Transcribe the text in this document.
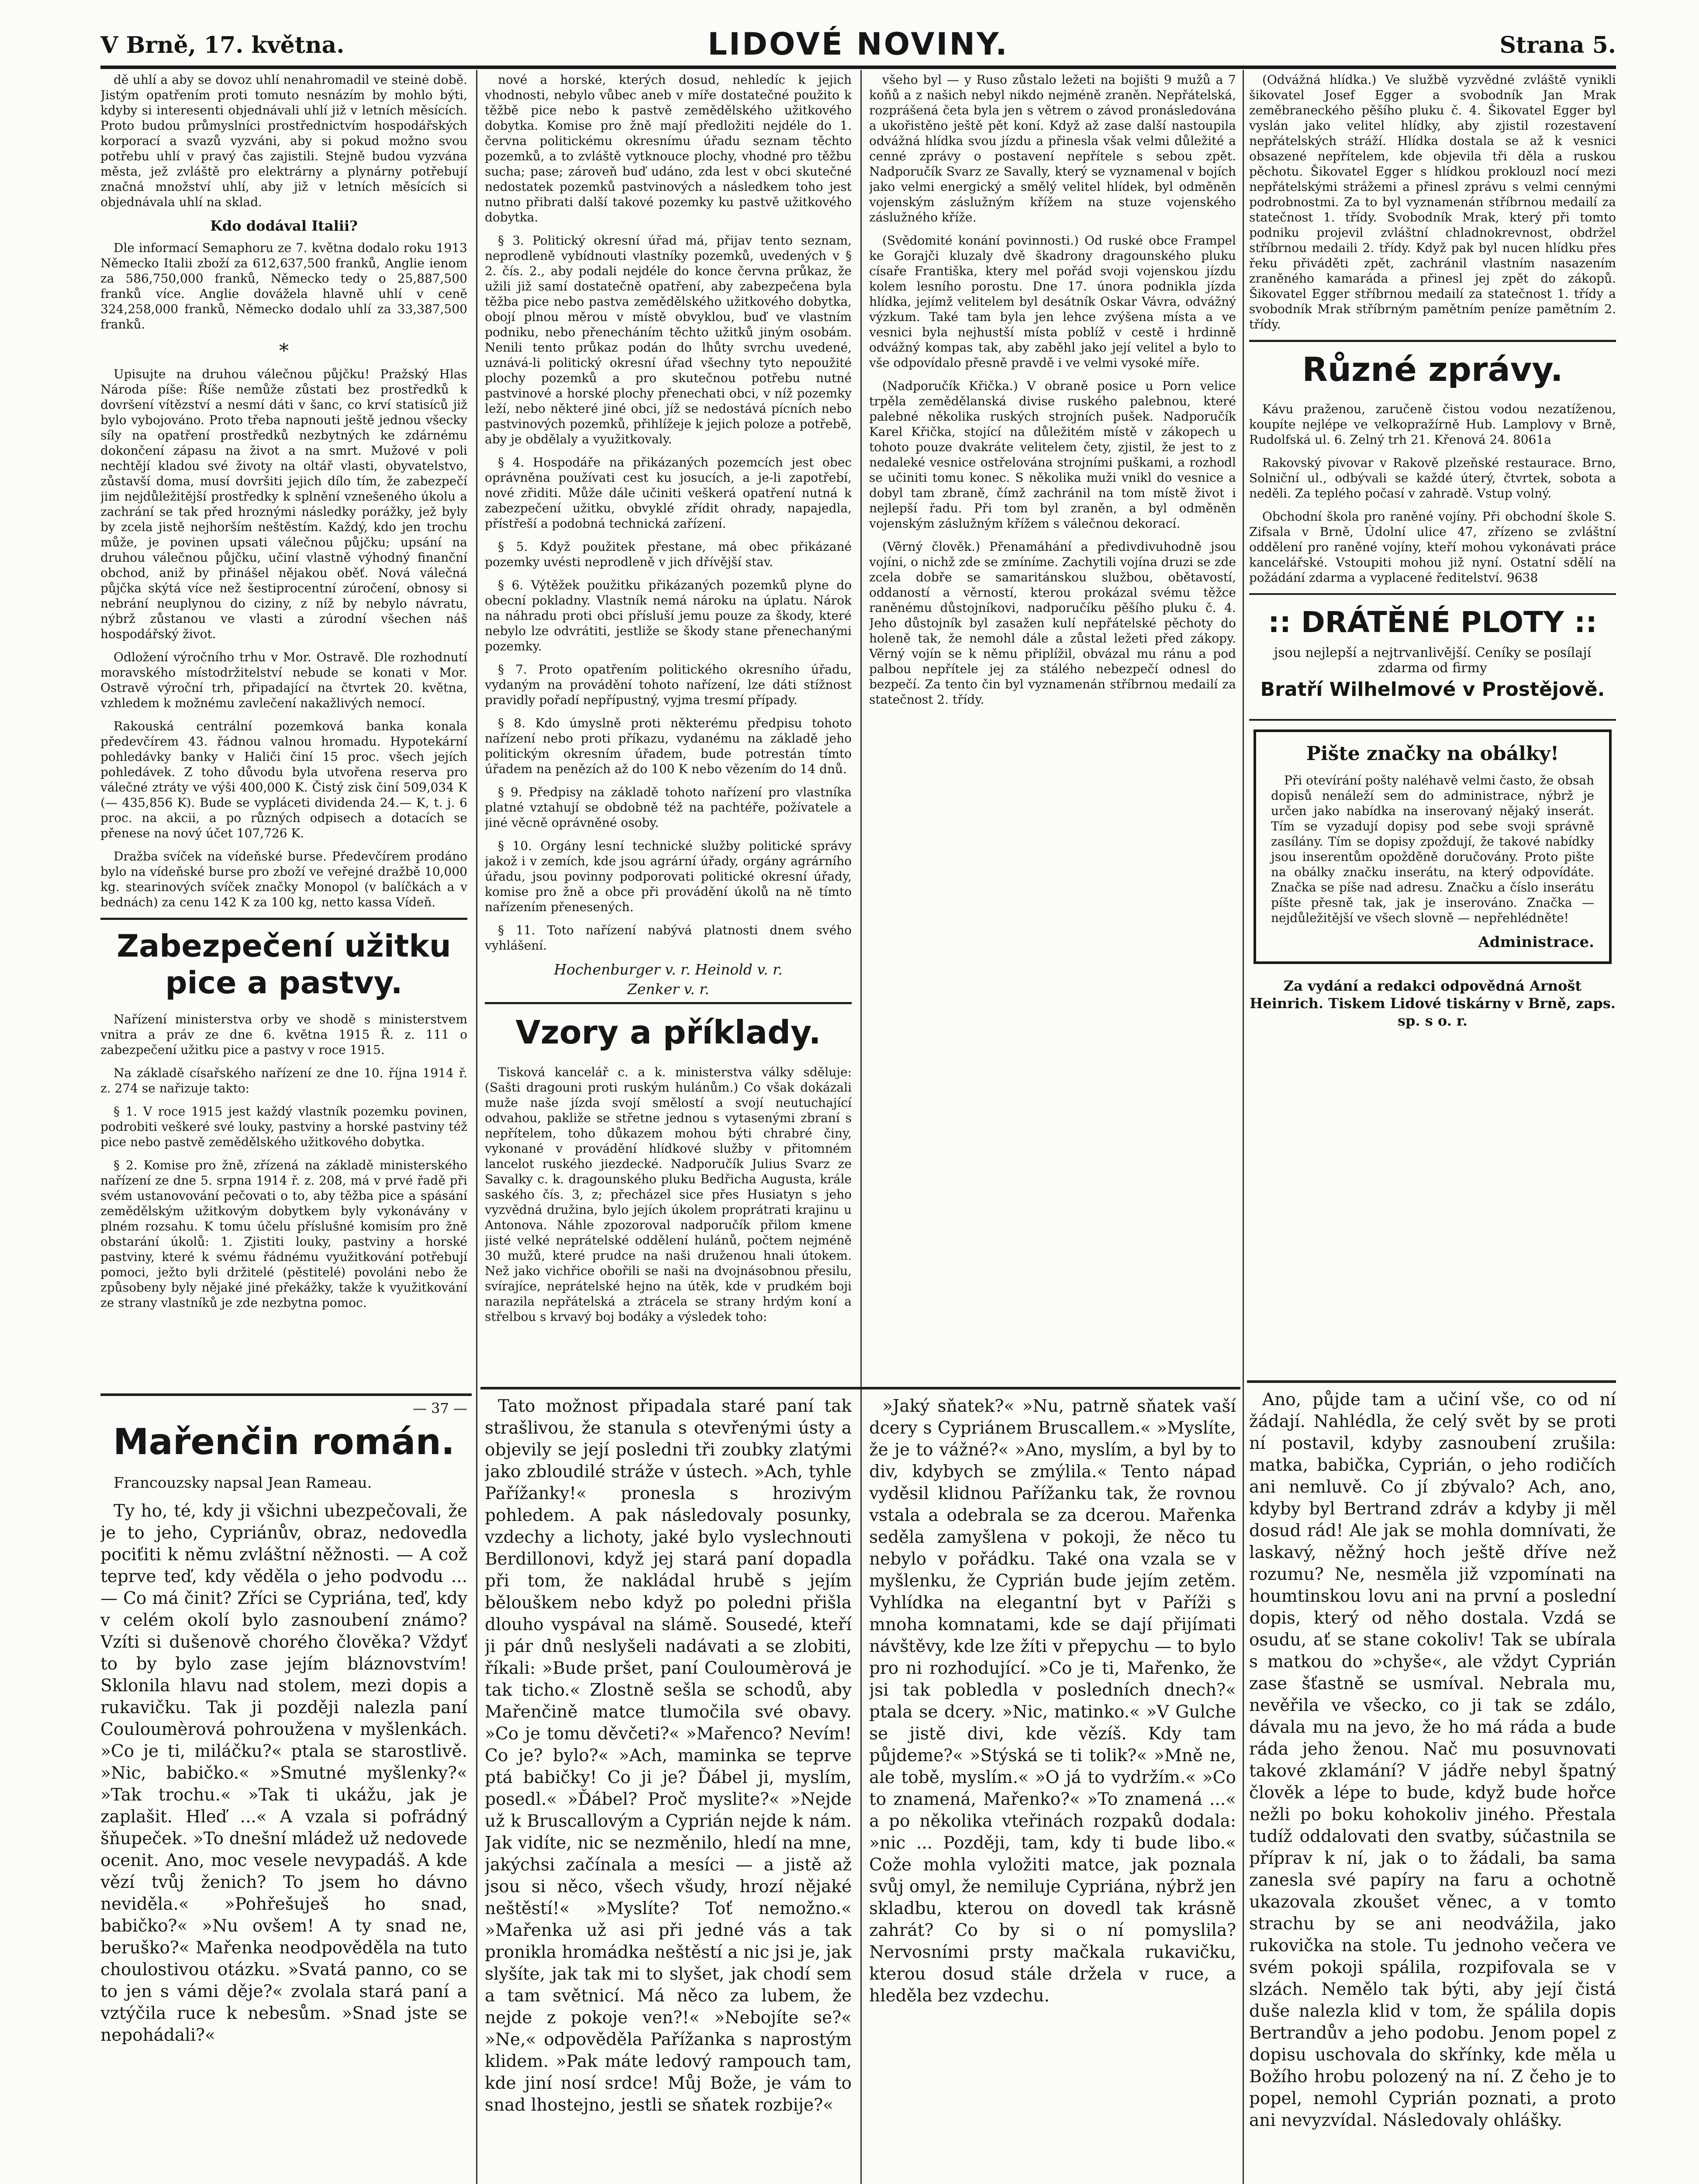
V Brně, 17. května.	LIDOVÉ NOVINY.	Strana 5.

dě uhlí a aby se dovoz uhlí nenahromadil ve steinė době. Jistým opatřením proti tomuto nesnázím by mohlo býti, kdyby si interesenti objednávali uhlí již v letních měsících. Proto budou průmyslníci prostřednictvím hospodářských korporací a svazů vyzváni, aby si pokud možno svou potřebu uhlí v pravý čas zajistili. Stejně budou vyzvána města, jež zvláště pro elektrárny a plynárny potřebují značná množství uhlí, aby již v letních měsících si objednávala uhlí na sklad.

Kdo dodával Italii?

Dle informací Semaphoru ze 7. května dodalo roku 1913 Německo Italii zboží za 612,637,500 franků, Anglie ienom za 586,750,000 franků, Německo tedy o 25,887,500 franků více. Anglie dovážela hlavně uhlí v ceně 324,258,000 franků, Německo dodalo uhlí za 33,387,500 franků.

*

Upisujte na druhou válečnou půjčku! Pražský Hlas Národa píše: Říše nemůže zůstati bez prostředků k dovršení vítězství a nesmí dáti v šanc, co krví statisíců již bylo vybojováno. Proto třeba napnouti ještě jednou všecky síly na opatření prostředků nezbytných ke zdárnému dokončení zápasu na život a na smrt. Mužové v poli nechtějí kladou své životy na oltář vlasti, obyvatelstvo, zůstavší doma, musí dovršiti jejich dílo tím, že zabezpečí jim nejdůležitější prostředky k splnění vznešeného úkolu a zachrání se tak před hroznými následky porážky, jež byly by zcela jistě nejhorším neštěstím. Každý, kdo jen trochu může, je povinen upsati válečnou půjčku; upsání na druhou válečnou půjčku, učiní vlastně výhodný finanční obchod, aniž by přinášel nějakou oběť. Nová válečná půjčka skýtá více než šestiprocentní zúročení, obnosy si nebrání neuplynou do ciziny, z níž by nebylo návratu, nýbrž zůstanou ve vlasti a zúrodní všechen náš hospodářský život.

Odložení výročního trhu v Mor. Ostravě. Dle rozhodnutí moravského místodržitelství nebude se konati v Mor. Ostravě výroční trh, připadající na čtvrtek 20. května, vzhledem k možnému zavlečení nakažlivých nemocí.

Rakouská centrální pozemková banka konala předevčírem 43. řádnou valnou hromadu. Hypotekární pohledávky banky v Haliči činí 15 proc. všech jejích pohledávek. Z toho důvodu byla utvořena reserva pro válečné ztráty ve výši 400,000 K. Čistý zisk činí 509,034 K (— 435,856 K). Bude se vypláceti dividenda 24.— K, t. j. 6 proc. na akcii, a po různých odpisech a dotacích se přenese na nový účet 107,726 K.

Dražba svíček na vídeňské burse. Předevčírem prodáno bylo na vídeňské burse pro zboží ve veřejné dražbě 10,000 kg. stearinových svíček značky Monopol (v balíčkách a v bednách) za cenu 142 K za 100 kg, netto kassa Vídeň.

Zabezpečení užitku pice a pastvy.

Nařízení ministerstva orby ve shodě s ministerstvem vnitra a práv ze dne 6. května 1915 Ř. z. 111 o zabezpečení užitku pice a pastvy v roce 1915.

Na základě císařského nařízení ze dne 10. října 1914 ř. z. 274 se nařizuje takto:

§ 1. V roce 1915 jest každý vlastník pozemku povinen, podrobiti veškeré své louky, pastviny a horské pastviny též pice nebo pastvě zemědělského užitkového dobytka.

§ 2. Komise pro žně, zřízená na základě ministerského nařízení ze dne 5. srpna 1914 ř. z. 208, má v prvé řadě při svém ustanovování pečovati o to, aby těžba pice a spásání zemědělským užitkovým dobytkem byly vykonávány v plném rozsahu. K tomu účelu příslušné komisím pro žně obstarání úkolů: 1. Zjistiti louky, pastviny a horské pastviny, které k svému řádnému využitkování potřebují pomoci, ježto byli držitelé (pěstitelé) povoláni nebo že způsobeny byly nějaké jiné překážky, takže k využitkování ze strany vlastníků je zde nezbytna pomoc.

— 37 —
Mařenčin román.
Francouzsky napsal Jean Rameau.

Ty ho, té, kdy ji všichni ubezpečovali, že je to jeho, Cypriánův, obraz, nedovedla pociťiti k němu zvláštní něžnosti. — A což teprve teď, kdy věděla o jeho podvodu ... — Co má činit? Zříci se Cypriána, teď, kdy v celém okolí bylo zasnoubení známo? Vzíti si dušenově chorého člověka? Vždyť to by bylo zase jejím bláznovstvím! Sklonila hlavu nad stolem, mezi dopis a rukavičku. Tak ji později nalezla paní Couloumèrová pohroužena v myšlenkách. »Co je ti, miláčku?« ptala se starostlivě. »Nic, babičko.« »Smutné myšlenky?« »Tak trochu.« »Tak ti ukážu, jak je zaplašit. Hleď ...« A vzala si pofrádný šňupeček. »To dnešní mládež už nedovede ocenit. Ano, moc vesele nevypadáš. A kde vězí tvůj ženich? To jsem ho dávno neviděla.« »Pohřešuješ ho snad, babičko?« »Nu ovšem! A ty snad ne, beruško?« Mařenka neodpověděla na tuto choulostivou otázku. »Svatá panno, co se to jen s vámi děje?« zvolala stará paní a vztýčila ruce k nebesům. »Snad jste se nepohádali?«

nové a horské, kterých dosud, nehledíc k jejich vhodnosti, nebylo vůbec aneb v míře dostatečné použito k těžbě pice nebo k pastvě zemědělského užitkového dobytka. Komise pro žně mají předložiti nejdéle do 1. června politickému okresnímu úřadu seznam těchto pozemků, a to zvláště vytknouce plochy, vhodné pro těžbu sucha; pase; zároveň buď udáno, zda lest v obci skutečné nedostatek pozemků pastvinových a následkem toho jest nutno přibrati další takové pozemky ku pastvě užitkového dobytka.

§ 3. Politický okresní úřad má, přijav tento seznam, neprodleně vybídnouti vlastníky pozemků, uvedených v § 2. čís. 2., aby podali nejdéle do konce června průkaz, že užili již samí dostatečně opatření, aby zabezpečena byla těžba pice nebo pastva zemědělského užitkového dobytka, obojí plnou měrou v místě obvyklou, buď ve vlastním podniku, nebo přenecháním těchto užitků jiným osobám. Nenili tento průkaz podán do lhůty svrchu uvedené, uznává-li politický okresní úřad všechny tyto nepoužité plochy pozemků a pro skutečnou potřebu nutné pastvinové a horské plochy přenechati obci, v níž pozemky leží, nebo některé jiné obci, jíž se nedostává pícních nebo pastvinových pozemků, přihlížeje k jejich poloze a potřebě, aby je obdělaly a využitkovaly.

§ 4. Hospodáře na přikázaných pozemcích jest obec oprávněna používati cest ku josucích, a je-li zapotřebí, nové zřiditi. Může dále učiniti veškerá opatření nutná k zabezpečení užitku, obvyklé zřídit ohrady, napajedla, přístřeší a podobná technická zařízení.

§ 5. Když použitek přestane, má obec přikázané pozemky uvésti neprodleně v jich dřívější stav.

§ 6. Výtěžek použitku přikázaných pozemků plyne do obecní pokladny. Vlastník nemá nároku na úplatu. Nárok na náhradu proti obci přísluší jemu pouze za škody, které nebylo lze odvrátiti, jestliže se škody stane přenechanými pozemky.

§ 7. Proto opatřením politického okresního úřadu, vydaným na provádění tohoto nařízení, lze dáti stížnost pravidly pořadí nepřípustný, vyjma tresmí případy.

§ 8. Kdo úmyslně proti některému předpisu tohoto nařízení nebo proti příkazu, vydanému na základě jeho politickým okresním úřadem, bude potrestán tímto úřadem na penězích až do 100 K nebo vězením do 14 dnů.

§ 9. Předpisy na základě tohoto nařízení pro vlastníka platné vztahují se obdobně též na pachtéře, požívatele a jiné věcně oprávněné osoby.

§ 10. Orgány lesní technické služby politické správy jakož i v zemích, kde jsou agrární úřady, orgány agrárního úřadu, jsou povinny podporovati politické okresní úřady, komise pro žně a obce při provádění úkolů na ně tímto nařízením přenesených.

§ 11. Toto nařízení nabývá platnosti dnem svého vyhlášení.

Hochenburger v. r. Heinold v. r.
Zenker v. r.
Vzory a příklady.

Tisková kancelář c. a k. ministerstva války sděluje: (Sašti dragouni proti ruským hulánům.) Co však dokázali muže naše jízda svojí smělostí a svojí neutuchající odvahou, pakliže se střetne jednou s vytasenými zbraní s nepřítelem, toho důkazem mohou býti chrabré činy, vykonané v provádění hlídkové služby v přitomném lancelot ruského jiezdecké. Nadporučík Julius Svarz ze Savalky c. k. dragounského pluku Bedřicha Augusta, krále saského čís. 3, z; přecházel sice přes Husiatyn s jeho vyzvědná družina, bylo jejích úkolem proprátrati krajinu u Antonova. Náhle zpozoroval nadporučík přilom kmene jisté velké neprátelské oddělení hulánů, počtem nejméně 30 mužů, které prudce na naši druženou hnali útokem. Než jako vichřice obořili se naši na dvojnásobnou přesilu, svírajíce, neprátelské hejno na útěk, kde v prudkém boji narazila nepřátelská a ztrácela se strany hrdým koní a střelbou s krvavý boj bodáky a výsledek toho:

Tato možnost připadala staré paní tak strašlivou, že stanula s otevřenými ústy a objevily se její posledni tři zoubky zlatými jako zbloudilé stráže v ústech. »Ach, tyhle Pařížanky!« pronesla s hrozivým pohledem. A pak následovaly posunky, vzdechy a lichoty, jaké bylo vyslechnouti Berdillonovi, když jej stará paní dopadla při tom, že nakládal hrubě s jejím bělouškem nebo když po poledni přišla dlouho vyspával na slámě. Sousedé, kteří ji pár dnů neslyšeli nadávati a se zlobiti, říkali: »Bude pršet, paní Couloumèrová je tak ticho.« Zlostně sešla se schodů, aby Mařenčině matce tlumočila své obavy. »Co je tomu děvčeti?« »Mařenco? Nevím! Co je? bylo?« »Ach, maminka se teprve ptá babičky! Co ji je? Ďábel ji, myslím, posedl.« »Ďábel? Proč myslite?« »Nejde už k Bruscallovým a Cyprián nejde k nám. Jak vidíte, nic se nezměnilo, hledí na mne, jakýchsi začínala a mesíci — a jistě až jsou si něco, všech všudy, hrozí nějaké neštěstí!« »Myslíte? Toť nemožno.« »Mařenka už asi při jedné vás a tak pronikla hromádka neštěstí a nic jsi je, jak slyšíte, jak tak mi to slyšet, jak chodí sem a tam světnicí. Má něco za lubem, že nejde z pokoje ven?!« »Nebojíte se?« »Ne,« odpověděla Pařížanka s naprostým klidem. »Pak máte ledový rampouch tam, kde jiní nosí srdce! Můj Bože, je vám to snad lhostejno, jestli se sňatek rozbije?«

všeho byl — y Ruso zůstalo ležeti na bojišti 9 mužů a 7 koňů a z našich nebyl nikdo nejméně zraněn. Nepřátelská, rozprášená četa byla jen s větrem o závod pronásledována a ukořistěno ještě pět koní. Když až zase další nastoupila odvážná hlídka svou jízdu a přinesla však velmi důležité a cenné zprávy o postavení nepřítele s sebou zpět. Nadporučík Svarz ze Savally, který se vyznamenal v bojích jako velmi energický a smělý velitel hlídek, byl odměněn vojenským záslužným křížem na stuze vojenského záslužného kříže.

(Svědomité konání povinnosti.) Od ruské obce Frampel ke Gorajči kluzaly dvě škadrony dragounského pluku císaře Františka, ktery mel pořád svoji vojenskou jízdu kolem lesního porostu. Dne 17. února podnikla jízda hlídka, jejímž velitelem byl desátník Oskar Vávra, odvážný výzkum. Také tam byla jen lehce zvýšena místa a ve vesnici byla nejhustší místa poblíž v cestě i hrdinně odvážný kompas tak, aby zaběhl jako její velitel a bylo to vše odpovídalo přesně pravdě i ve velmi vysoké míře.

(Nadporučík Křička.) V obraně posice u Porn velice trpěla zemědělanská divise ruského palebnou, které palebné několika ruských strojních pušek. Nadporučík Karel Křička, stojící na důležitém místě v zákopech u tohoto pouze dvakráte velitelem čety, zjistil, že jest to z nedaleké vesnice ostřelována strojními puškami, a rozhodl se učiniti tomu konec. S několika muži vnikl do vesnice a dobyl tam zbraně, čímž zachránil na tom místě život i nejlepší řadu. Při tom byl zraněn, a byl odměněn vojenským záslužným křížem s válečnou dekorací.

(Věrný člověk.) Přenamáhání a předivdivuhodně jsou vojíni, o nichž zde se zmíníme. Zachytili vojína druzi se zde zcela dobře se samaritánskou službou, obětavostí, oddaností a věrností, kterou prokázal svému těžce raněnému důstojníkovi, nadporučíku pěšího pluku č. 4. Jeho důstojník byl zasažen kulí nepřátelské pěchoty do holeně tak, že nemohl dále a zůstal ležeti před zákopy. Věrný vojín se k němu připlížil, obvázal mu ránu a pod palbou nepřítele jej za stálého nebezpečí odnesl do bezpečí. Za tento čin byl vyznamenán stříbrnou medailí za statečnost 2. třídy.

»Jaký sňatek?« »Nu, patrně sňatek vaší dcery s Cypriánem Bruscallem.« »Myslíte, že je to vážné?« »Ano, myslím, a byl by to div, kdybych se zmýlila.« Tento nápad vyděsil klidnou Pařížanku tak, že rovnou vstala a odebrala se za dcerou. Mařenka seděla zamyšlena v pokoji, že něco tu nebylo v pořádku. Také ona vzala se v myšlenku, že Cyprián bude jejím zetěm. Vyhlídka na elegantní byt v Paříži s mnoha komnatami, kde se dají přijímati návštěvy, kde lze žíti v přepychu — to bylo pro ni rozhodující. »Co je ti, Mařenko, že jsi tak pobledla v posledních dnech?« ptala se dcery. »Nic, matinko.« »V Gulche se jistě divi, kde vězíš. Kdy tam půjdeme?« »Stýská se ti tolik?« »Mně ne, ale tobě, myslím.« »O já to vydržím.« »Co to znamená, Mařenko?« »To znamená ...« a po několika vteřinách rozpaků dodala: »nic ... Později, tam, kdy ti bude libo.« Cože mohla vyložiti matce, jak poznala svůj omyl, že nemiluje Cypriána, nýbrž jen skladbu, kterou on dovedl tak krásně zahrát? Co by si o ní pomyslila? Nervosními prsty mačkala rukavičku, kterou dosud stále držela v ruce, a hleděla bez vzdechu.

(Odvážná hlídka.) Ve službě vyzvědné zvláště vynikli šikovatel Josef Egger a svobodník Jan Mrak zeměbraneckého pěšího pluku č. 4. Šikovatel Egger byl vyslán jako velitel hlídky, aby zjistil rozestavení nepřátelských stráží. Hlídka dostala se až k vesnici obsazené nepřítelem, kde objevila tři děla a ruskou pěchotu. Šikovatel Egger s hlídkou proklouzl nocí mezi nepřátelskými strážemi a přinesl zprávu s velmi cennými podrobnostmi. Za to byl vyznamenán stříbrnou medailí za statečnost 1. třídy. Svobodník Mrak, který při tomto podniku projevil zvláštní chladnokrevnost, obdržel stříbrnou medaili 2. třídy. Když pak byl nucen hlídku přes řeku přiváděti zpět, zachránil vlastním nasazením zraněného kamaráda a přinesl jej zpět do zákopů. Šikovatel Egger stříbrnou medailí za statečnost 1. třídy a svobodník Mrak stříbrným pamětním peníze pamětním 2. třídy.

Různé zprávy.

Kávu praženou, zaručeně čistou vodou nezatíženou, koupíte nejlépe ve velkopražírně Hub. Lamplovy v Brně, Rudolfská ul. 6. Zelný trh 21. Křenová 24. 8061a

Rakovský pivovar v Rakově plzeňské restaurace. Brno, Solniční ul., odbývali se každé úterý, čtvrtek, sobota a neděli. Za teplého počasí v zahradě. Vstup volný.

Obchodní škola pro raněné vojíny. Při obchodní škole S. Zifsala v Brně, Údolní ulice 47, zřízeno se zvláštní oddělení pro raněné vojíny, kteří mohou vykonávati práce kancelářské. Vstoupiti mohou již nyní. Ostatní sdělí na požádání zdarma a vyplacené ředitelství. 9638

:: DRÁTĚNÉ PLOTY ::
jsou nejlepší a nejtrvanlivější. Ceníky se posílají zdarma od firmy
Bratří Wilhelmové v Prostějově.
Pište značky na obálky!

Při otevírání pošty naléhavě velmi často, že obsah dopisů nenáleží sem do administrace, nýbrž je určen jako nabídka na inserovaný nějaký inserát. Tím se vyzadují dopisy pod sebe svoji správně zasílány. Tím se dopisy zpoždují, že takové nabídky jsou inserentům opožděně doručovány. Proto pište na obálky značku inserátu, na který odpovídáte. Značka se píše nad adresu. Značku a číslo inserátu píšte přesně tak, jak je inserováno. Značka — nejdůležitější ve všech slovně — nepřehlédněte!

Administrace.
Za vydání a redakci odpovědná Arnošt Heinrich. Tiskem Lidové tiskárny v Brně, zaps. sp. s o. r.

Ano, půjde tam a učiní vše, co od ní žádají. Nahlédla, že celý svět by se proti ní postavil, kdyby zasnoubení zrušila: matka, babička, Cyprián, o jeho rodičích ani nemluvě. Co jí zbývalo? Ach, ano, kdyby byl Bertrand zdráv a kdyby ji měl dosud rád! Ale jak se mohla domnívati, že laskavý, něžný hoch ještě dříve než rozumu? Ne, nesměla již vzpomínati na houmtinskou lovu ani na první a poslední dopis, který od něho dostala. Vzdá se osudu, ať se stane cokoliv! Tak se ubírala s matkou do »chyše«, ale vždyt Cyprián zase šťastně se usmíval. Nebrala mu, nevěřila ve všecko, co ji tak se zdálo, dávala mu na jevo, že ho má ráda a bude ráda jeho ženou. Nač mu posuvnovati takové zklamání? V jádře nebyl špatný člověk a lépe to bude, když bude hořce nežli po boku kohokoliv jiného. Přestala tudíž oddalovati den svatby, súčastnila se příprav k ní, jak o to žádali, ba sama zanesla své papíry na faru a ochotně ukazovala zkoušet věnec, a v tomto strachu by se ani neodvážila, jako rukovička na stole. Tu jednoho večera ve svém pokoji spálila, rozpifovala se v slzách. Nemělo tak býti, aby její čistá duše nalezla klid v tom, že spálila dopis Bertrandův a jeho podobu. Jenom popel z dopisu uschovala do skřínky, kde měla u Božího hrobu polozený na ní. Z čeho je to popel, nemohl Cyprián poznati, a proto ani nevyzvídal. Následovaly ohlášky.
